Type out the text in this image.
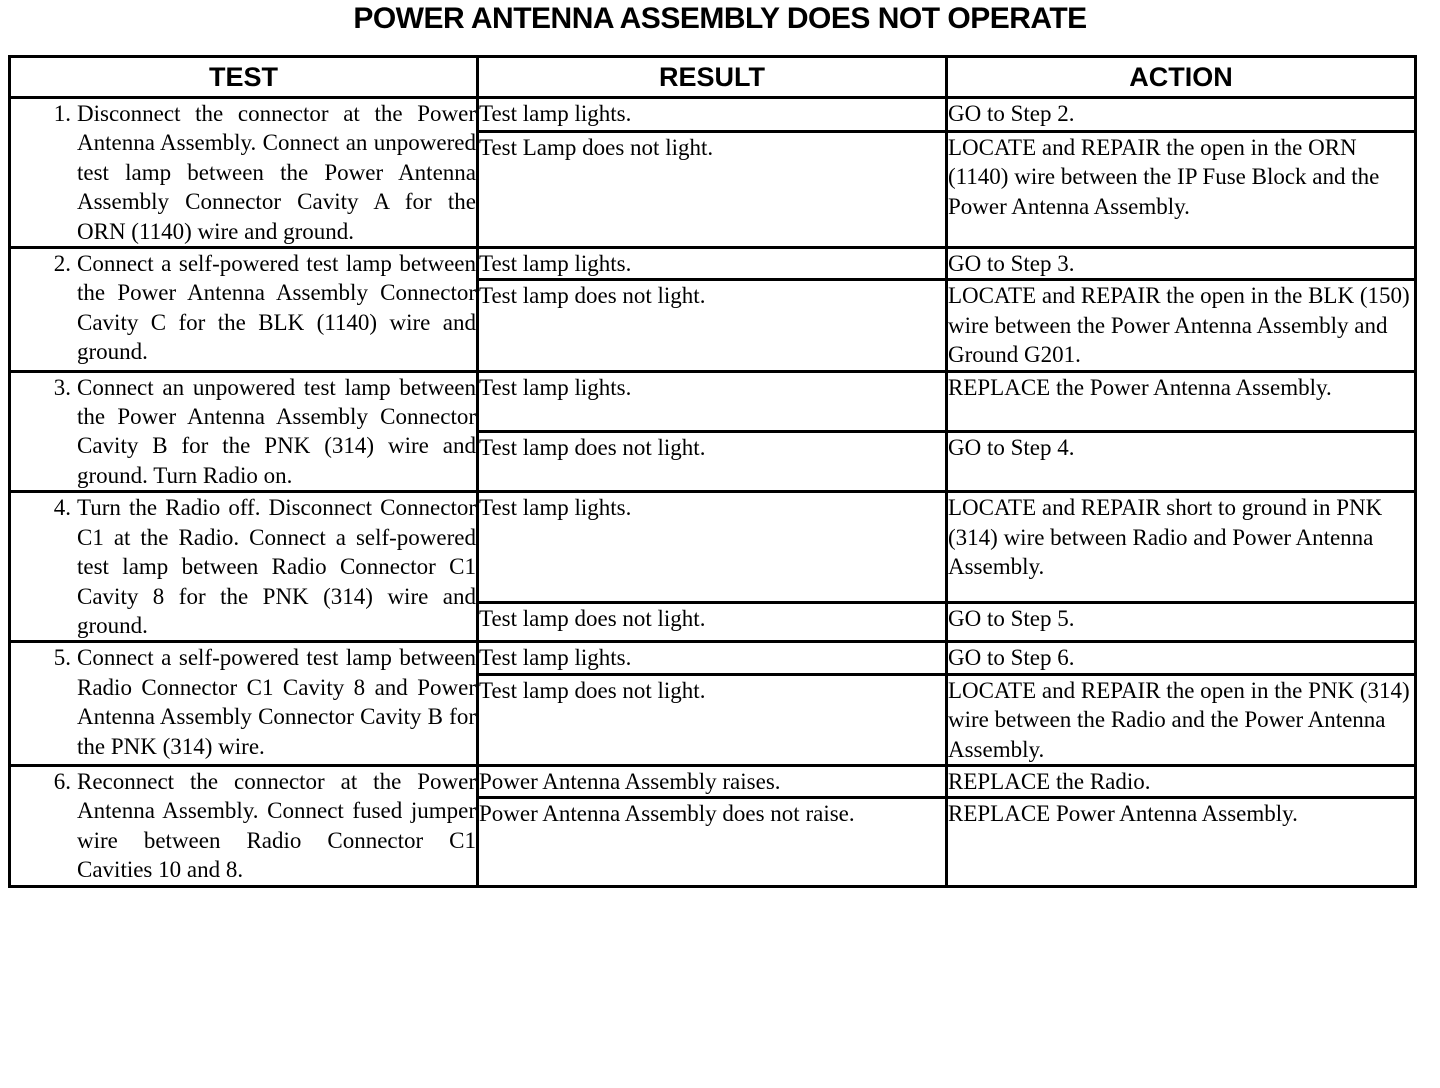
POWER ANTENNA ASSEMBLY DOES NOT OPERATE
TEST	RESULT	ACTION

1. Disconnect the connector at the Power Antenna Assembly. Connect an unpowered test lamp between the Power Antenna Assembly Connector Cavity A for the ORN (1140) wire and ground.	Test lamp lights.	GO to Step 2.
	Test Lamp does not light.	LOCATE and REPAIR the open in the ORN (1140) wire between the IP Fuse Block and the Power Antenna Assembly.

2. Connect a self-powered test lamp between the Power Antenna Assembly Connector Cavity C for the BLK (1140) wire and ground.	Test lamp lights.	GO to Step 3.
	Test lamp does not light.	LOCATE and REPAIR the open in the BLK (150) wire between the Power Antenna Assembly and Ground G201.

3. Connect an unpowered test lamp between the Power Antenna Assembly Connector Cavity B for the PNK (314) wire and ground. Turn Radio on.	Test lamp lights.	REPLACE the Power Antenna Assembly.
	Test lamp does not light.	GO to Step 4.

4. Turn the Radio off. Disconnect Connector C1 at the Radio. Connect a self-powered test lamp between Radio Connector C1 Cavity 8 for the PNK (314) wire and ground.	Test lamp lights.	LOCATE and REPAIR short to ground in PNK (314) wire between Radio and Power Antenna Assembly.
	Test lamp does not light.	GO to Step 5.

5. Connect a self-powered test lamp between Radio Connector C1 Cavity 8 and Power Antenna Assembly Connector Cavity B for the PNK (314) wire.	Test lamp lights.	GO to Step 6.
	Test lamp does not light.	LOCATE and REPAIR the open in the PNK (314) wire between the Radio and the Power Antenna Assembly.

6. Reconnect the connector at the Power Antenna Assembly. Connect fused jumper wire between Radio Connector C1 Cavities 10 and 8.	Power Antenna Assembly raises.	REPLACE the Radio.
	Power Antenna Assembly does not raise.	REPLACE Power Antenna Assembly.
